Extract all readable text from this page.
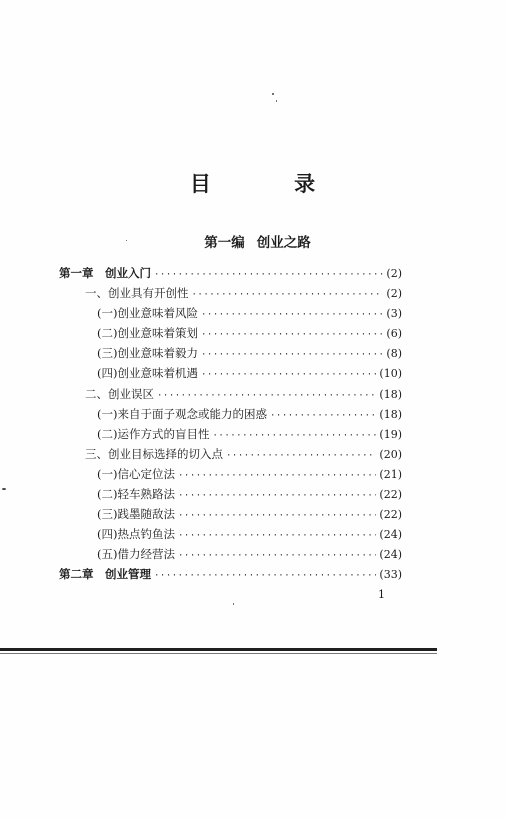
目 录
第一编 创业之路
第一章　创业入门 ·····	(2)
一、创业具有开创性 ·····	(2)
(一)创业意味着风险 ·····	(3)
(二)创业意味着策划 ·····	(6)
(三)创业意味着毅力 ·····	(8)
(四)创业意味着机遇 ·····	(10)
二、创业误区 ·····	(18)
(一)来自于面子观念或能力的困惑 ·····	(18)
(二)运作方式的盲目性 ·····	(19)
三、创业目标选择的切入点 ·····	(20)
(一)信心定位法 ·····	(21)
(二)轻车熟路法 ·····	(22)
(三)践墨随敌法 ·····	(22)
(四)热点钓鱼法 ·····	(24)
(五)借力经营法 ·····	(24)
第二章　创业管理 ·····	(33)
1
